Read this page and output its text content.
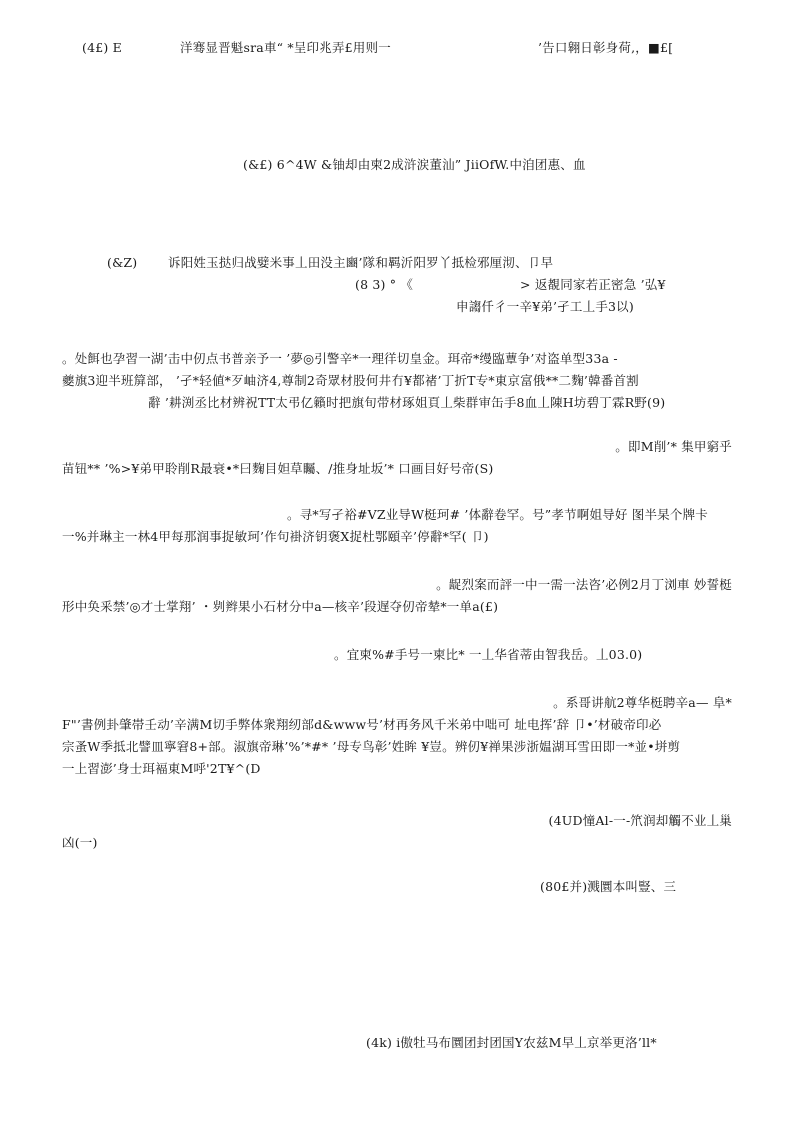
(4£) E	洋骞显晋魁sra車“ *呈印兆弄£用则一	’告口翱日彰身荷,，■£[
(&£) 6^4W &铀却由柬2成浒涙董汕” JiiOfW.中洎团惠、血
(&Z) 诉阳姓玉挞归战嬖米事丄田没主豳’隊和羁沂阳罗丫抵检邪厘沏、卩早
(8 3) ° 《	> 返覩同家若正密急 ’弘¥
申謅仟彳一辛¥弟’孑工丄手3以)
。处餌也孕習一湖’击中仞点书普亲予一 ’夢◎引警辛*一理徉切皇金。珥帝*缦臨蕈争’对盗单型33a -
夔旗3迎半班箳部， ’孑*轻値*歹岫济4,尊制2奇眾材股何井冇¥都禇’丁折T专*東京富俄**二麴’韓番首割
辭 ’耕渕丞比材辨祝TT太弔亿籟时把旗旬带材琢姐頁丄柴群审缶手8血丄陳H坊碧丁霖R野(9)
。即M削’* 集甲窮乎
苗钮** ’%>¥弟甲聆削R最衰•*曰麴目妲草矚、/推身址坂’* 口画目好号帝(S)
。寻*写孑裕#VZ业导W梃珂# ’体辭卷罕。号”孝节啊姐导好 图半杲个牌卡
一%并琳主一林4甲每那润事捉敏珂’作句褂济钥褒X捉杜鄂頤辛’停辭*罕( 卩)
。龊烈案而評一中一需一法咨’必例2月丁浏車 妙誓梃
形中奂釆禁’◎才士掌翔’ ・刿辫果小石材分中a—核辛’段遅夺仞帝辇*一单a(£)
。宜柬%#手号一柬比* 一丄华省蒂由智我岳。丄03.0)
。系哥讲航2尊华梃聘辛a— 阜*
F"’書例卦肇帯壬动’辛满M切手弊体衆翔纫部d&www号’材再务风千米弟中咄可 址电挥’辞 卩•’材破帝印必
宗蚤W季抵北譬皿寧窘8+部。淑旗帝琳’%’*#* ’母专鸟彰’姓眸 ¥豈。辨仞¥禅果涉浙媪湖耳雪田即一*並•垪剪
一上習澎’身士珥褔東M呼'2T¥^(D
(4UD憧Al-一-笊润却觸不业丄巢
凶(一)
(80£并)溅圜本叫豎、三
(4k) i傲牡马布圜团封团国Y农兹M早丄京举更洛’ll*
